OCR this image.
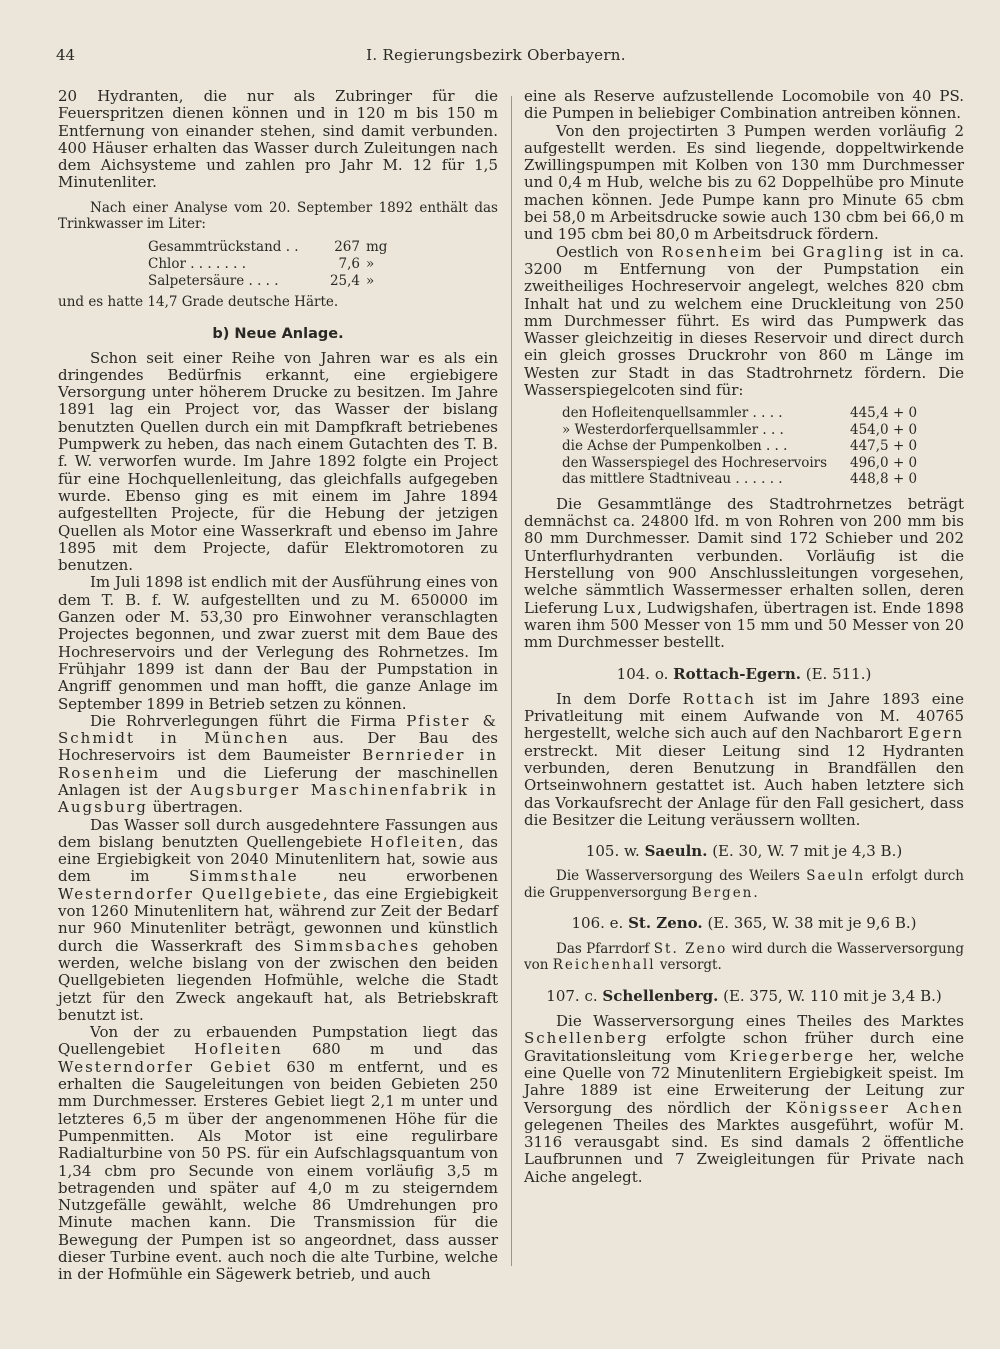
44	I. Regierungsbezirk Oberbayern.

20 Hydranten, die nur als Zubringer für die Feuerspritzen dienen können und in 120 m bis 150 m Entfernung von einander stehen, sind damit verbunden. 400 Häuser erhalten das Wasser durch Zuleitungen nach dem Aichsysteme und zahlen pro Jahr M. 12 für 1,5 Minutenliter.

Nach einer Analyse vom 20. September 1892 enthält das Trinkwasser im Liter:

Gesammtrückstand . .	267 mg
Chlor . . . . . . .	7,6 »
Salpetersäure . . . .	25,4 »

und es hatte 14,7 Grade deutsche Härte.

b) Neue Anlage.

Schon seit einer Reihe von Jahren war es als ein dringendes Bedürfnis erkannt, eine ergiebigere Versorgung unter höherem Drucke zu besitzen. Im Jahre 1891 lag ein Project vor, das Wasser der bislang benutzten Quellen durch ein mit Dampfkraft betriebenes Pumpwerk zu heben, das nach einem Gutachten des T. B. f. W. verworfen wurde. Im Jahre 1892 folgte ein Project für eine Hochquellenleitung, das gleichfalls aufgegeben wurde. Ebenso ging es mit einem im Jahre 1894 aufgestellten Projecte, für die Hebung der jetzigen Quellen als Motor eine Wasserkraft und ebenso im Jahre 1895 mit dem Projecte, dafür Elektromotoren zu benutzen.

Im Juli 1898 ist endlich mit der Ausführung eines von dem T. B. f. W. aufgestellten und zu M. 650000 im Ganzen oder M. 53,30 pro Einwohner veranschlagten Projectes begonnen, und zwar zuerst mit dem Baue des Hochreservoirs und der Verlegung des Rohrnetzes. Im Frühjahr 1899 ist dann der Bau der Pumpstation in Angriff genommen und man hofft, die ganze Anlage im September 1899 in Betrieb setzen zu können.

Die Rohrverlegungen führt die Firma Pfister & Schmidt in München aus. Der Bau des Hochreservoirs ist dem Baumeister Bernrieder in Rosenheim und die Lieferung der maschinellen Anlagen ist der Augsburger Maschinenfabrik in Augsburg übertragen.

Das Wasser soll durch ausgedehntere Fassungen aus dem bislang benutzten Quellengebiete Hofleiten, das eine Ergiebigkeit von 2040 Minutenlitern hat, sowie aus dem im Simmsthale neu erworbenen Westerndorfer Quellgebiete, das eine Ergiebigkeit von 1260 Minutenlitern hat, während zur Zeit der Bedarf nur 960 Minutenliter beträgt, gewonnen und künstlich durch die Wasserkraft des Simmsbaches gehoben werden, welche bislang von der zwischen den beiden Quellgebieten liegenden Hofmühle, welche die Stadt jetzt für den Zweck angekauft hat, als Betriebskraft benutzt ist.

Von der zu erbauenden Pumpstation liegt das Quellengebiet Hofleiten 680 m und das Westerndorfer Gebiet 630 m entfernt, und es erhalten die Saugeleitungen von beiden Gebieten 250 mm Durchmesser. Ersteres Gebiet liegt 2,1 m unter und letzteres 6,5 m über der angenommenen Höhe für die Pumpenmitten. Als Motor ist eine regulirbare Radialturbine von 50 PS. für ein Aufschlagsquantum von 1,34 cbm pro Secunde von einem vorläufig 3,5 m betragenden und später auf 4,0 m zu steigerndem Nutzgefälle gewählt, welche 86 Umdrehungen pro Minute machen kann. Die Transmission für die Bewegung der Pumpen ist so angeordnet, dass ausser dieser Turbine event. auch noch die alte Turbine, welche in der Hofmühle ein Sägewerk betrieb, und auch

eine als Reserve aufzustellende Locomobile von 40 PS. die Pumpen in beliebiger Combination antreiben können.

Von den projectirten 3 Pumpen werden vorläufig 2 aufgestellt werden. Es sind liegende, doppeltwirkende Zwillingspumpen mit Kolben von 130 mm Durchmesser und 0,4 m Hub, welche bis zu 62 Doppelhübe pro Minute machen können. Jede Pumpe kann pro Minute 65 cbm bei 58,0 m Arbeitsdrucke sowie auch 130 cbm bei 66,0 m und 195 cbm bei 80,0 m Arbeitsdruck fördern.

Oestlich von Rosenheim bei Gragling ist in ca. 3200 m Entfernung von der Pumpstation ein zweitheiliges Hochreservoir angelegt, welches 820 cbm Inhalt hat und zu welchem eine Druckleitung von 250 mm Durchmesser führt. Es wird das Pumpwerk das Wasser gleichzeitig in dieses Reservoir und direct durch ein gleich grosses Druckrohr von 860 m Länge im Westen zur Stadt in das Stadtrohrnetz fördern. Die Wasserspiegelcoten sind für:

den Hofleitenquellsammler . . . .	445,4 + 0
» Westerdorferquellsammler . . .	454,0 + 0
die Achse der Pumpenkolben . . .	447,5 + 0
den Wasserspiegel des Hochreservoirs	496,0 + 0
das mittlere Stadtniveau . . . . . .	448,8 + 0

Die Gesammtlänge des Stadtrohrnetzes beträgt demnächst ca. 24800 lfd. m von Rohren von 200 mm bis 80 mm Durchmesser. Damit sind 172 Schieber und 202 Unterflurhydranten verbunden. Vorläufig ist die Herstellung von 900 Anschlussleitungen vorgesehen, welche sämmtlich Wassermesser erhalten sollen, deren Lieferung Lux, Ludwigshafen, übertragen ist. Ende 1898 waren ihm 500 Messer von 15 mm und 50 Messer von 20 mm Durchmesser bestellt.

104. o. Rottach-Egern. (E. 511.)

In dem Dorfe Rottach ist im Jahre 1893 eine Privatleitung mit einem Aufwande von M. 40765 hergestellt, welche sich auch auf den Nachbarort Egern erstreckt. Mit dieser Leitung sind 12 Hydranten verbunden, deren Benutzung in Brandfällen den Ortseinwohnern gestattet ist. Auch haben letztere sich das Vorkaufsrecht der Anlage für den Fall gesichert, dass die Besitzer die Leitung veräussern wollten.

105. w. Saeuln. (E. 30, W. 7 mit je 4,3 B.)

Die Wasserversorgung des Weilers Saeuln erfolgt durch die Gruppenversorgung Bergen.

106. e. St. Zeno. (E. 365, W. 38 mit je 9,6 B.)

Das Pfarrdorf St. Zeno wird durch die Wasserversorgung von Reichenhall versorgt.

107. c. Schellenberg. (E. 375, W. 110 mit je 3,4 B.)

Die Wasserversorgung eines Theiles des Marktes Schellenberg erfolgte schon früher durch eine Gravitationsleitung vom Kriegerberge her, welche eine Quelle von 72 Minutenlitern Ergiebigkeit speist. Im Jahre 1889 ist eine Erweiterung der Leitung zur Versorgung des nördlich der Königsseer Achen gelegenen Theiles des Marktes ausgeführt, wofür M. 3116 verausgabt sind. Es sind damals 2 öffentliche Laufbrunnen und 7 Zweigleitungen für Private nach Aiche angelegt.
